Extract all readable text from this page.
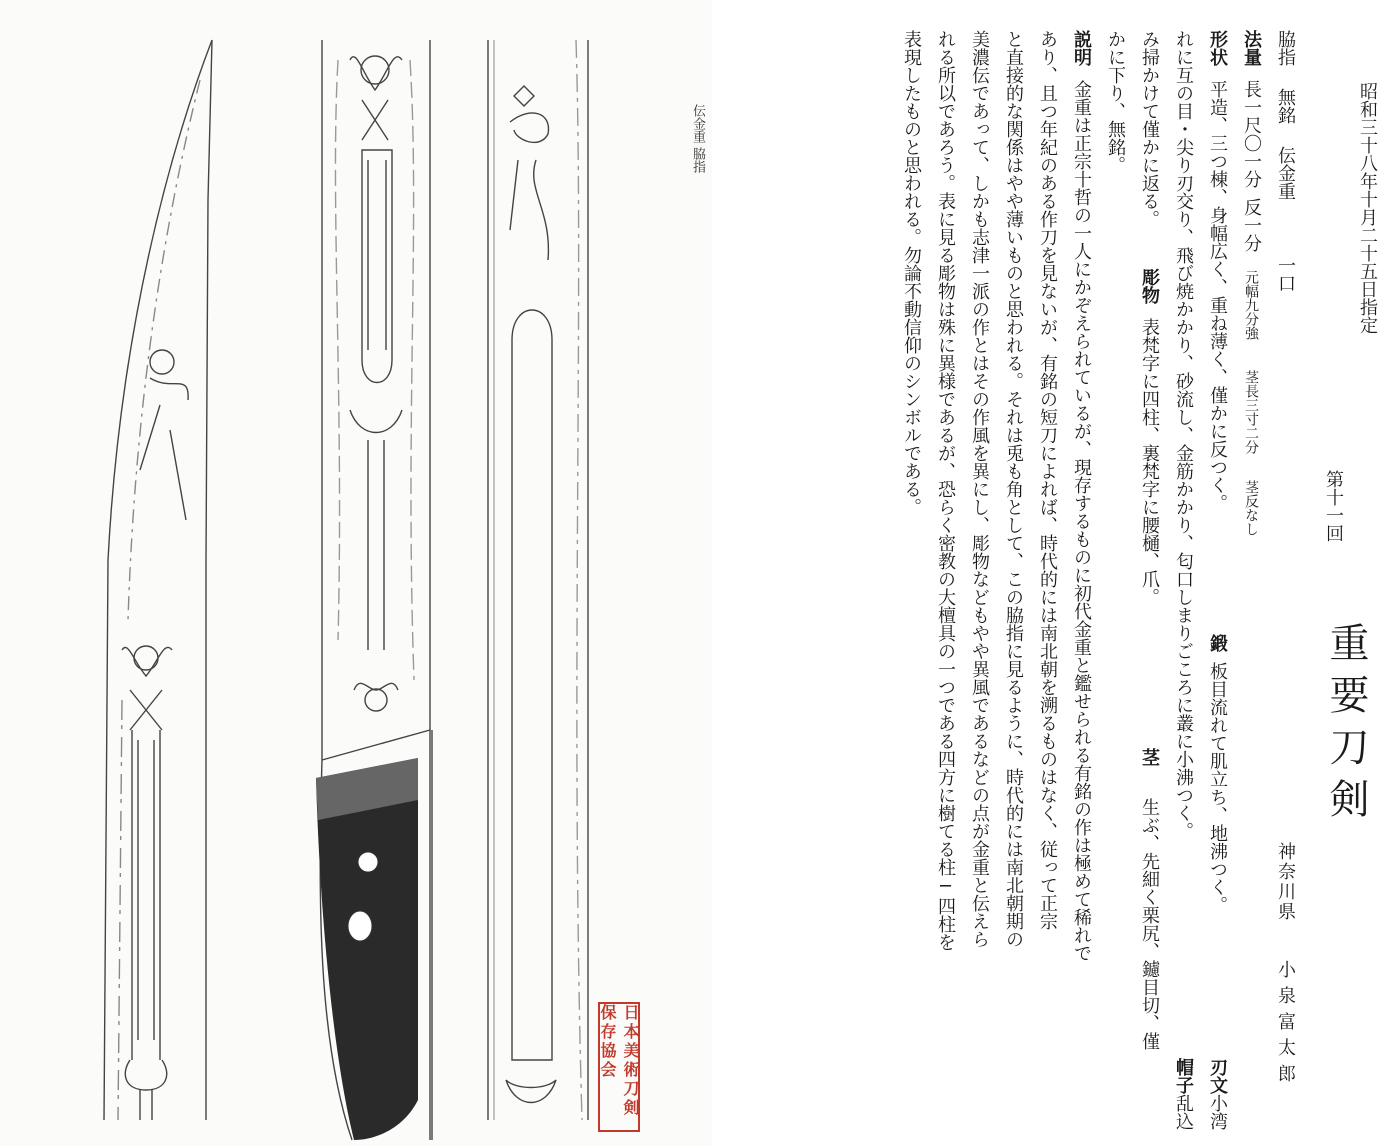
脇指
伝金重
日本美術刀剣保存協会
昭和三十八年十月二十五日指定
第十一回
重要刀剣
神奈川県
小泉富太郎
脇指
無銘
伝金重
一口
法量
長一尺〇一分
反一分
元幅九分強
茎長三寸二分
茎反なし
形状
平造、三つ棟、身幅広く、重ね薄く、僅かに反つく。
鍛
板目流れて肌立ち、地沸つく。
刃文
小湾
れに互の目・尖り刃交り、飛び焼かかり、砂流し、金筋かかり、匂口しまりごころに叢に小沸つく。
帽子
乱込
み掃かけて僅かに返る。
彫物
表梵字に四柱、裏梵字に腰樋、爪。
茎
生ぶ、先細く栗尻、鑢目切、僅
かに下り、無銘。
説明
金重は正宗十哲の一人にかぞえられているが、現存するものに初代金重と鑑せられる有銘の作は極めて稀れで
あり、且つ年紀のある作刀を見ないが、有銘の短刀によれば、時代的には南北朝を溯るものはなく、従って正宗
と直接的な関係はやや薄いものと思われる。それは兎も角として、この脇指に見るように、時代的には南北朝期の
美濃伝であって、しかも志津一派の作とはその作風を異にし、彫物などもやや異風であるなどの点が金重と伝えら
れる所以であろう。表に見る彫物は殊に異様であるが、恐らく密教の大檀具の一つである四方に樹てる柱─四柱を
表現したものと思われる。勿論不動信仰のシンボルである。
